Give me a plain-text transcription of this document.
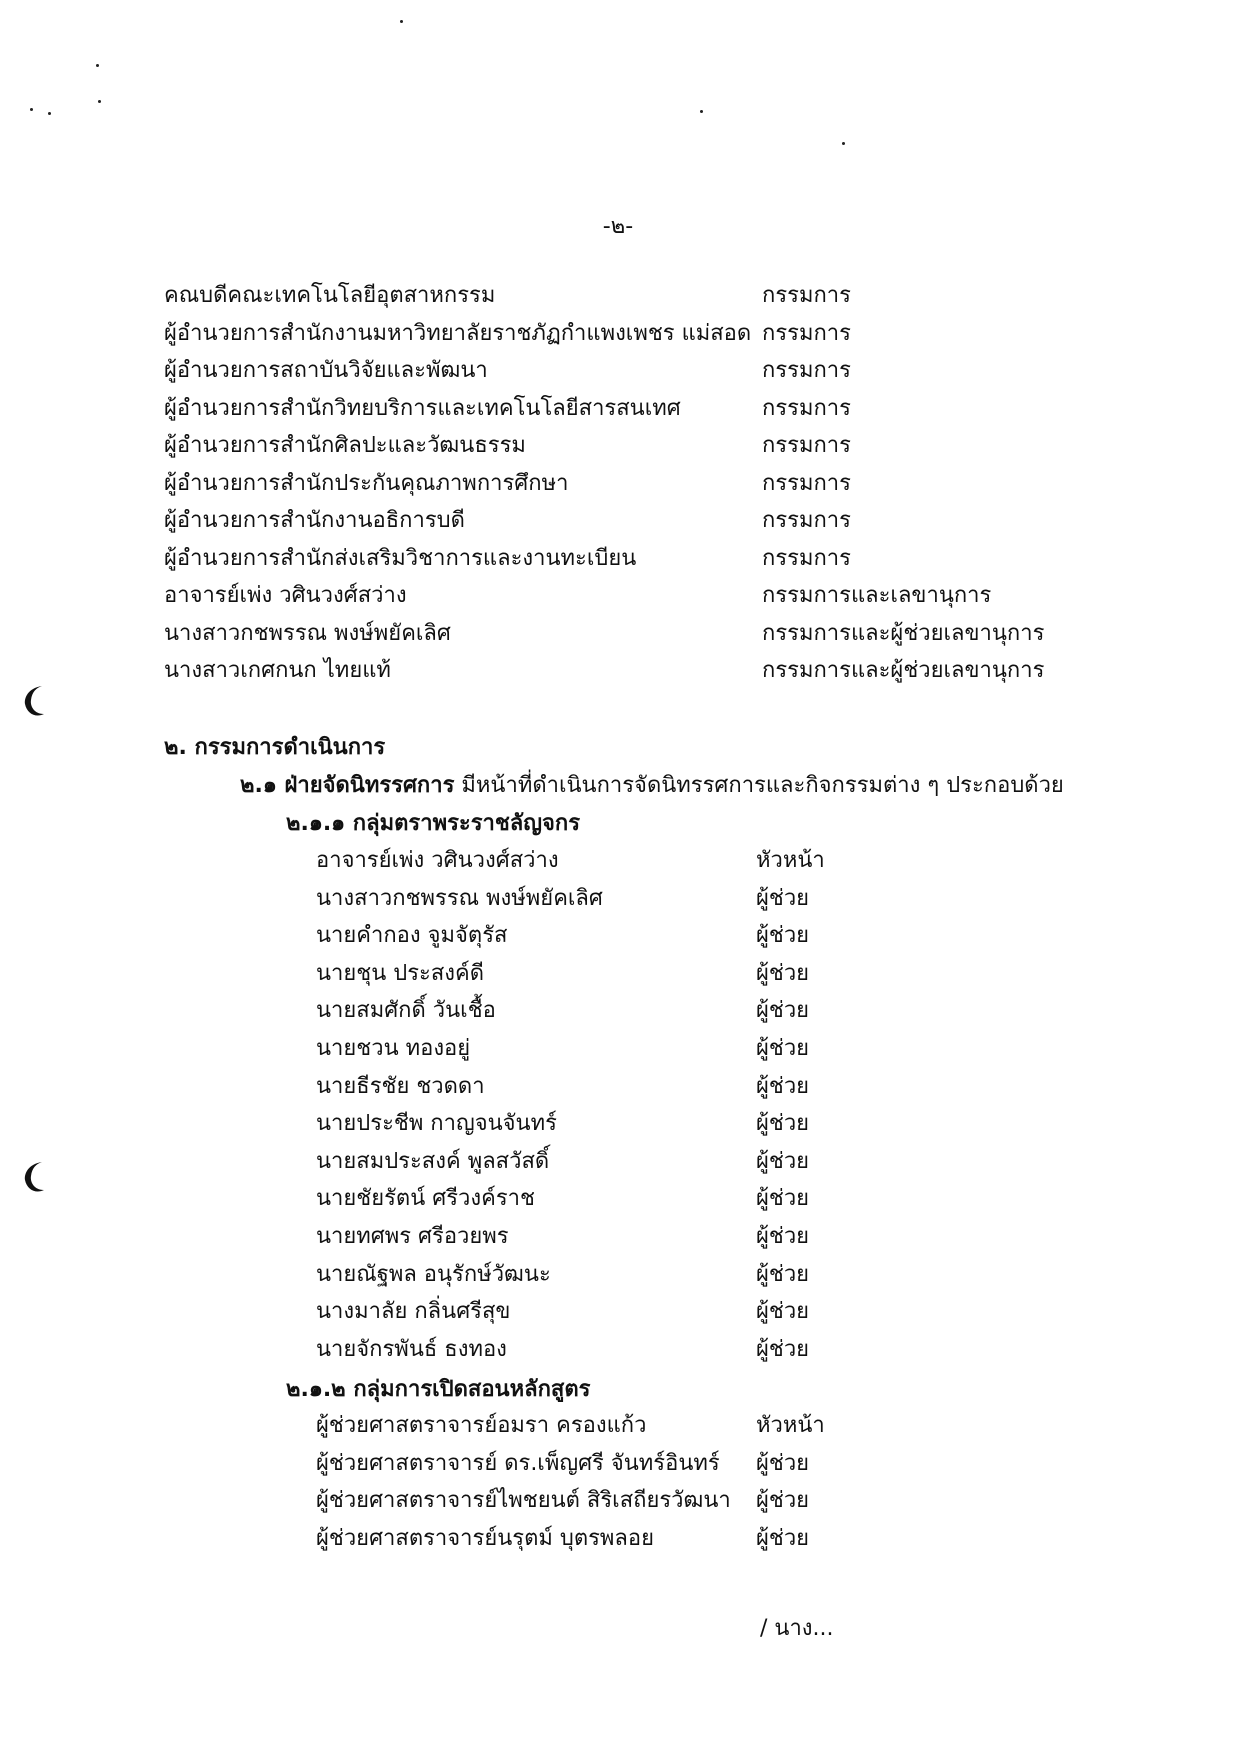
-๒-
คณบดีคณะเทคโนโลยีอุตสาหกรรม	กรรมการ
ผู้อำนวยการสำนักงานมหาวิทยาลัยราชภัฏกำแพงเพชร แม่สอด กรรมการ
ผู้อำนวยการสถาบันวิจัยและพัฒนา	กรรมการ
ผู้อำนวยการสำนักวิทยบริการและเทคโนโลยีสารสนเทศ	กรรมการ
ผู้อำนวยการสำนักศิลปะและวัฒนธรรม	กรรมการ
ผู้อำนวยการสำนักประกันคุณภาพการศึกษา	กรรมการ
ผู้อำนวยการสำนักงานอธิการบดี	กรรมการ
ผู้อำนวยการสำนักส่งเสริมวิชาการและงานทะเบียน	กรรมการ
อาจารย์เพ่ง วศินวงศ์สว่าง	กรรมการและเลขานุการ
นางสาวกชพรรณ พงษ์พยัคเลิศ	กรรมการและผู้ช่วยเลขานุการ
นางสาวเกศกนก ไทยแท้	กรรมการและผู้ช่วยเลขานุการ
๒. กรรมการดำเนินการ
๒.๑ ฝ่ายจัดนิทรรศการ มีหน้าที่ดำเนินการจัดนิทรรศการและกิจกรรมต่าง ๆ ประกอบด้วย
๒.๑.๑ กลุ่มตราพระราชลัญจกร
อาจารย์เพ่ง วศินวงศ์สว่าง	หัวหน้า
นางสาวกชพรรณ พงษ์พยัคเลิศ	ผู้ช่วย
นายคำกอง จูมจัตุรัส	ผู้ช่วย
นายชุน ประสงค์ดี	ผู้ช่วย
นายสมศักดิ์ วันเชื้อ	ผู้ช่วย
นายชวน ทองอยู่	ผู้ช่วย
นายธีรชัย ชวดดา	ผู้ช่วย
นายประชีพ กาญจนจันทร์	ผู้ช่วย
นายสมประสงค์ พูลสวัสดิ์	ผู้ช่วย
นายชัยรัตน์ ศรีวงค์ราช	ผู้ช่วย
นายทศพร ศรีอวยพร	ผู้ช่วย
นายณัฐพล อนุรักษ์วัฒนะ	ผู้ช่วย
นางมาลัย กลิ่นศรีสุข	ผู้ช่วย
นายจักรพันธ์ ธงทอง	ผู้ช่วย
๒.๑.๒ กลุ่มการเปิดสอนหลักสูตร
ผู้ช่วยศาสตราจารย์อมรา ครองแก้ว	หัวหน้า
ผู้ช่วยศาสตราจารย์ ดร.เพ็ญศรี จันทร์อินทร์ ผู้ช่วย
ผู้ช่วยศาสตราจารย์ไพชยนต์ สิริเสถียรวัฒนา ผู้ช่วย
ผู้ช่วยศาสตราจารย์นรุตม์ บุตรพลอย	ผู้ช่วย
/ นาง...
